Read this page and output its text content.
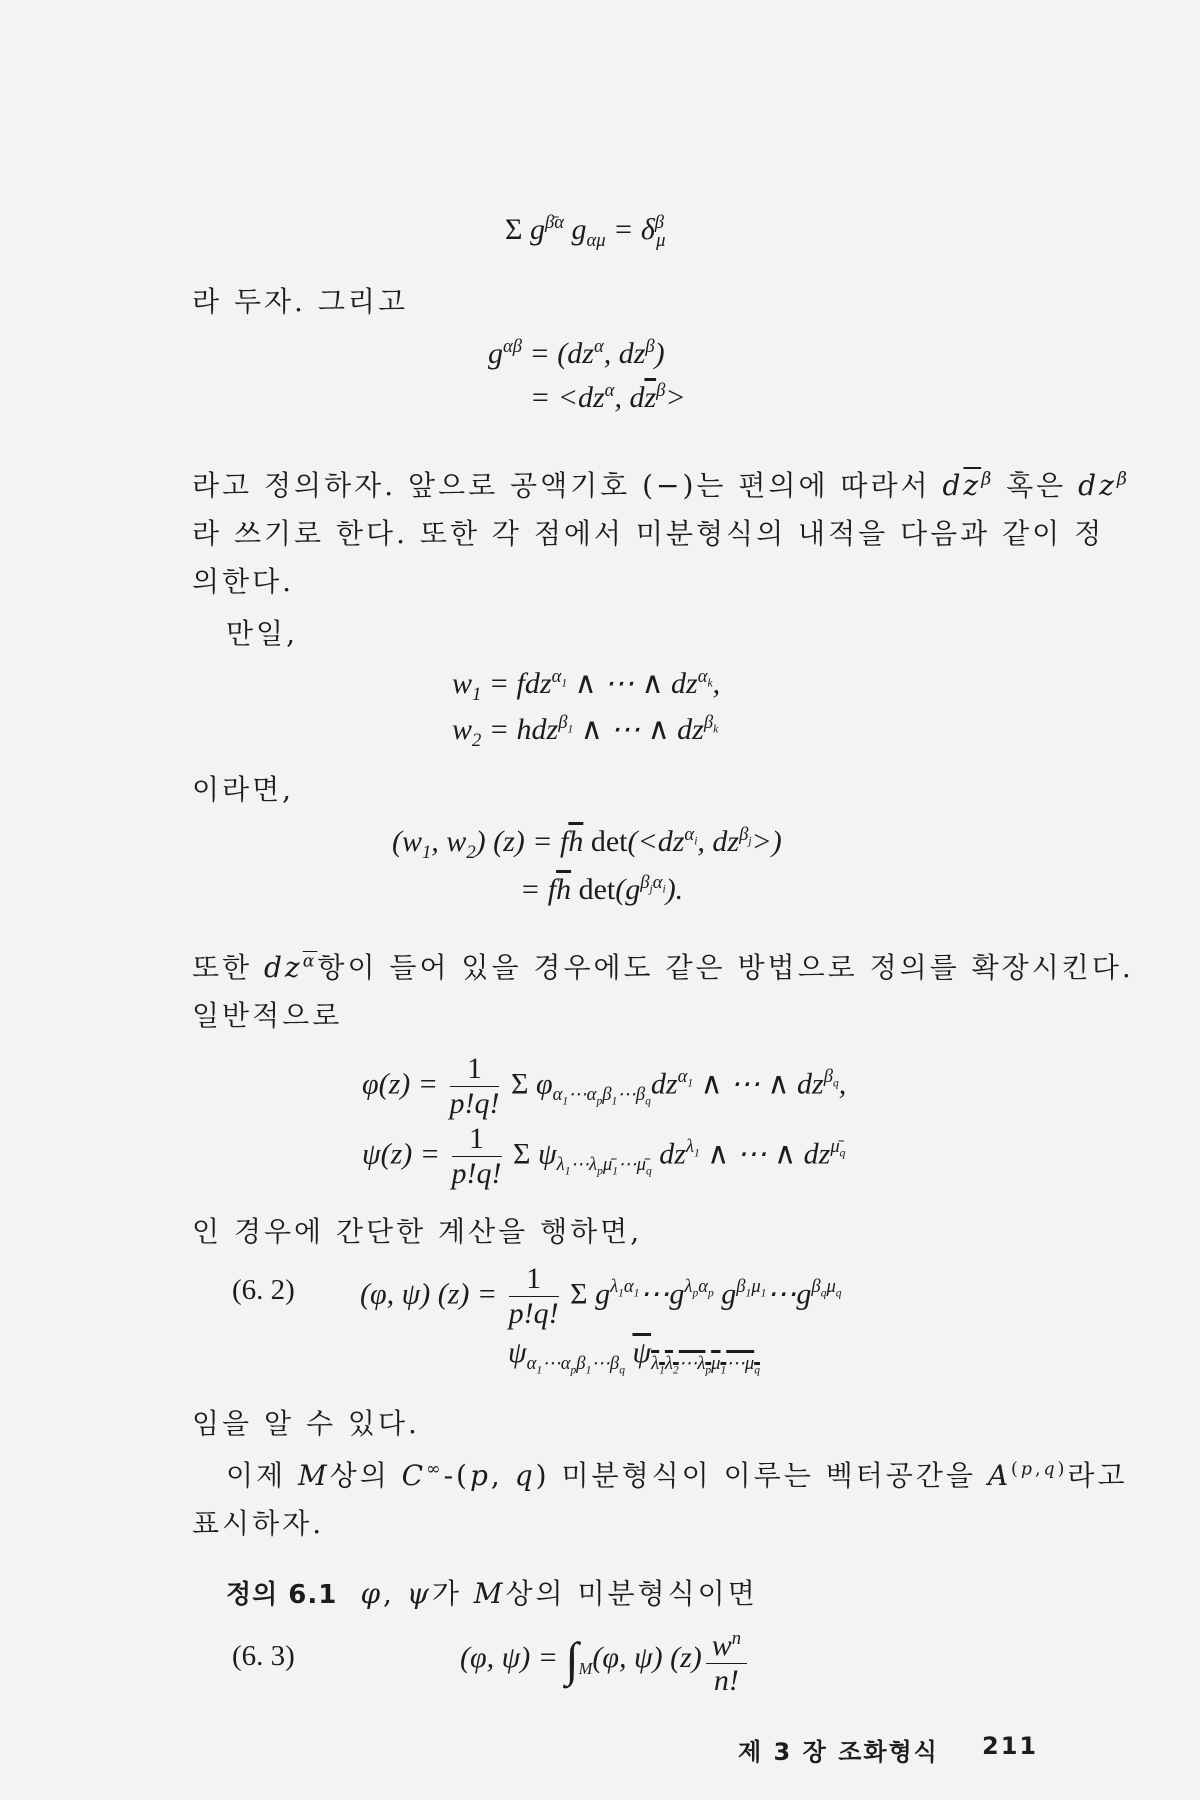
Σ $g^{\betā\alpha}$ $g_{\alpha\mu} = \delta^\beta_\mu$
라 두자. 그리고
$g^{\alpha\beta} = (dz^\alpha$, $dz^\beta$)
= $<dz^\alpha$, $d\overline{z}^\beta>$
라고 정의하자. 앞으로 공액기호 (−)는 편의에 따라서 $d\overline{z}^\beta$ 혹은 $dz^\beta$
라 쓰기로 한다. 또한 각 점에서 미분형식의 내적을 다음과 같이 정
의한다.
만일,
$w_1 = fdz^{\alpha_1}$ ∧ ⋯ ∧ $dz^{\alpha_k}$,
$w_2 = hdz^{\beta_1}$ ∧ ⋯ ∧ $dz^{\beta_k}$
이라면,
($w_1$, $w_2$) $(z) = f\overline{h}$ $\det(<dz^{\alpha_i}$, $dz^{\beta_j}>$)
= $f\overline{h}$ $\det(g^{\beta_j\alpha_i})$.
또한 $dz^{\overline{\alpha}}$항이 들어 있을 경우에도 같은 방법으로 정의를 확장시킨다.
일반적으로
$\varphi(z) = \frac{1}{p!q!}$ Σ $\varphi_{\alpha_1\cdots\alpha_p\beta_1\cdots\beta_q}dz^{\alpha_1}$ ∧ ⋯ ∧ $dz^{\beta_q}$,
$\psi(z) = \frac{1}{p!q!}$ Σ $\psi_{\lambda_1\cdots\lambda_p\mū_1\cdots\mū_q}$ $dz^{\lambda_1}$ ∧ ⋯ ∧ $dz^{\mū_q}$
인 경우에 간단한 계산을 행하면,
(6. 2) (φ, ψ) $(z) = \frac{1}{p!q!}$ Σ $g^{\lambda_1\alpha_1}\cdots g^{\lambda_p\alpha_p}$ $g^{\beta_1\mu_1}\cdots g^{\beta_q\mu_q}$
$\psi_{\alpha_1\cdots\alpha_p\beta_1\cdots\beta_q}$ $\psi_{\lambda_1\lambda_2\cdots\lambda_p\mu_1\cdots\mu_q}$
임을 알 수 있다.
이제 M상의 C∞-(p, q) 미분형식이 이루는 벡터공간을 A$^{(p,q)}$라고
표시하자.
정의 6.1 φ, ψ가 M상의 미분형식이면
(6. 3)	(φ, $\psi) = \int_M(\varphi$, ψ) $(z) \frac{w^n}{n!}$
제 3 장 조화형식 211
